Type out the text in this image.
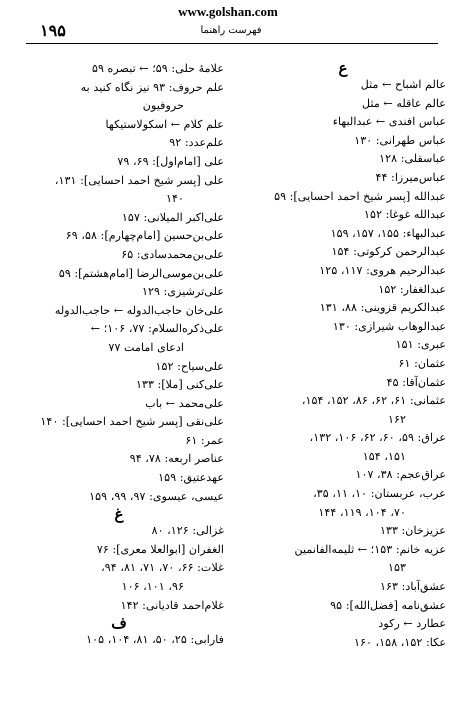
www.golshan.com
۱۹۵	فهرست راهنما
ع
عالم اشباح ← مثل
عالم عاقله ← مثل
عباس افندی ← عبدالبهاء
عباس طهرانی: ۱۳۰
عباسقلی: ۱۲۸
عباس‌میرزا: ۴۴
عبدالله [پسر شیخ احمد احسایی]: ۵۹
عبدالله غوغا: ۱۵۲
عبدالبهاء: ۱۵۵، ۱۵۷، ۱۵۹
عبدالرحمن کرکوتی: ۱۵۴
عبدالرحیم هروی: ۱۱۷، ۱۲۵
عبدالغفار: ۱۵۲
عبدالکریم قزوینی: ۸۸، ۱۳۱
عبدالوهاب شیرازی: ۱۳۰
عبری: ۱۵۱
عثمان: ۶۱
عثمان‌آقا: ۴۵
عثمانی: ۶۱، ۶۲، ۸۶، ۱۵۲، ۱۵۴،
۱۶۲
عراق: ۵۹، ۶۰، ۶۲، ۱۰۶، ۱۳۲،
۱۵۱، ۱۵۴
عراق‌عجم: ۳۸، ۱۰۷
عرب، عربستان: ۱۰، ۱۱، ۳۵،
۷۰، ۱۰۴، ۱۱۹، ۱۴۴
عزیزخان: ۱۳۳
عزیه خانم: ۱۵۳؛ ← ثلیمه‌الفانمین
۱۵۳
عشق‌آباد: ۱۶۳
عشق‌نامه [فضل‌الله]: ۹۵
عطارد ← رکود
عکا: ۱۵۲، ۱۵۸، ۱۶۰
علامهٔ حلی: ۵۹؛ ← تبصره ۵۹
علم حروف: ۹۳ نیز نگاه کنید به
حروفیون
علم کلام ← اسکولاستیکها
علم‌عدد: ۹۲
علی [امام‌اول]: ۶۹، ۷۹
علی [پسر شیخ احمد احسایی]: ۱۳۱،
۱۴۰
علی‌اکبر المیلانی: ۱۵۷
علی‌بن‌حسین [امام‌چهارم]: ۵۸، ۶۹
علی‌بن‌محمدسادی: ۶۵
علی‌بن‌موسی‌الرضا [امام‌هشتم]: ۵۹
علی‌ترشیزی: ۱۲۹
علی‌خان حاجب‌الدوله ← حاجب‌الدوله
علی‌ذکره‌السلام: ۷۷، ۱۰۶؛ ←
ادعای امامت ۷۷
علی‌سیاح: ۱۵۲
علی‌کنی [ملا]: ۱۳۳
علی‌محمد ← باب
علی‌نقی [پسر شیخ احمد احسایی]: ۱۴۰
عمر: ۶۱
عناصر اربعه: ۷۸، ۹۴
عهدعتیق: ۱۵۹
عیسی، عیسوی: ۹۷، ۹۹، ۱۵۹
غ
غزالی: ۱۲۶، ۸۰
الغفران [ابوالعلا معری]: ۷۶
غلات: ۶۶، ۷۰، ۷۱، ۸۱، ۹۴،
۹۶، ۱۰۱، ۱۰۶
غلام‌احمد قادیانی: ۱۴۲
ف
فارابی: ۲۵، ۵۰، ۸۱، ۱۰۴، ۱۰۵
